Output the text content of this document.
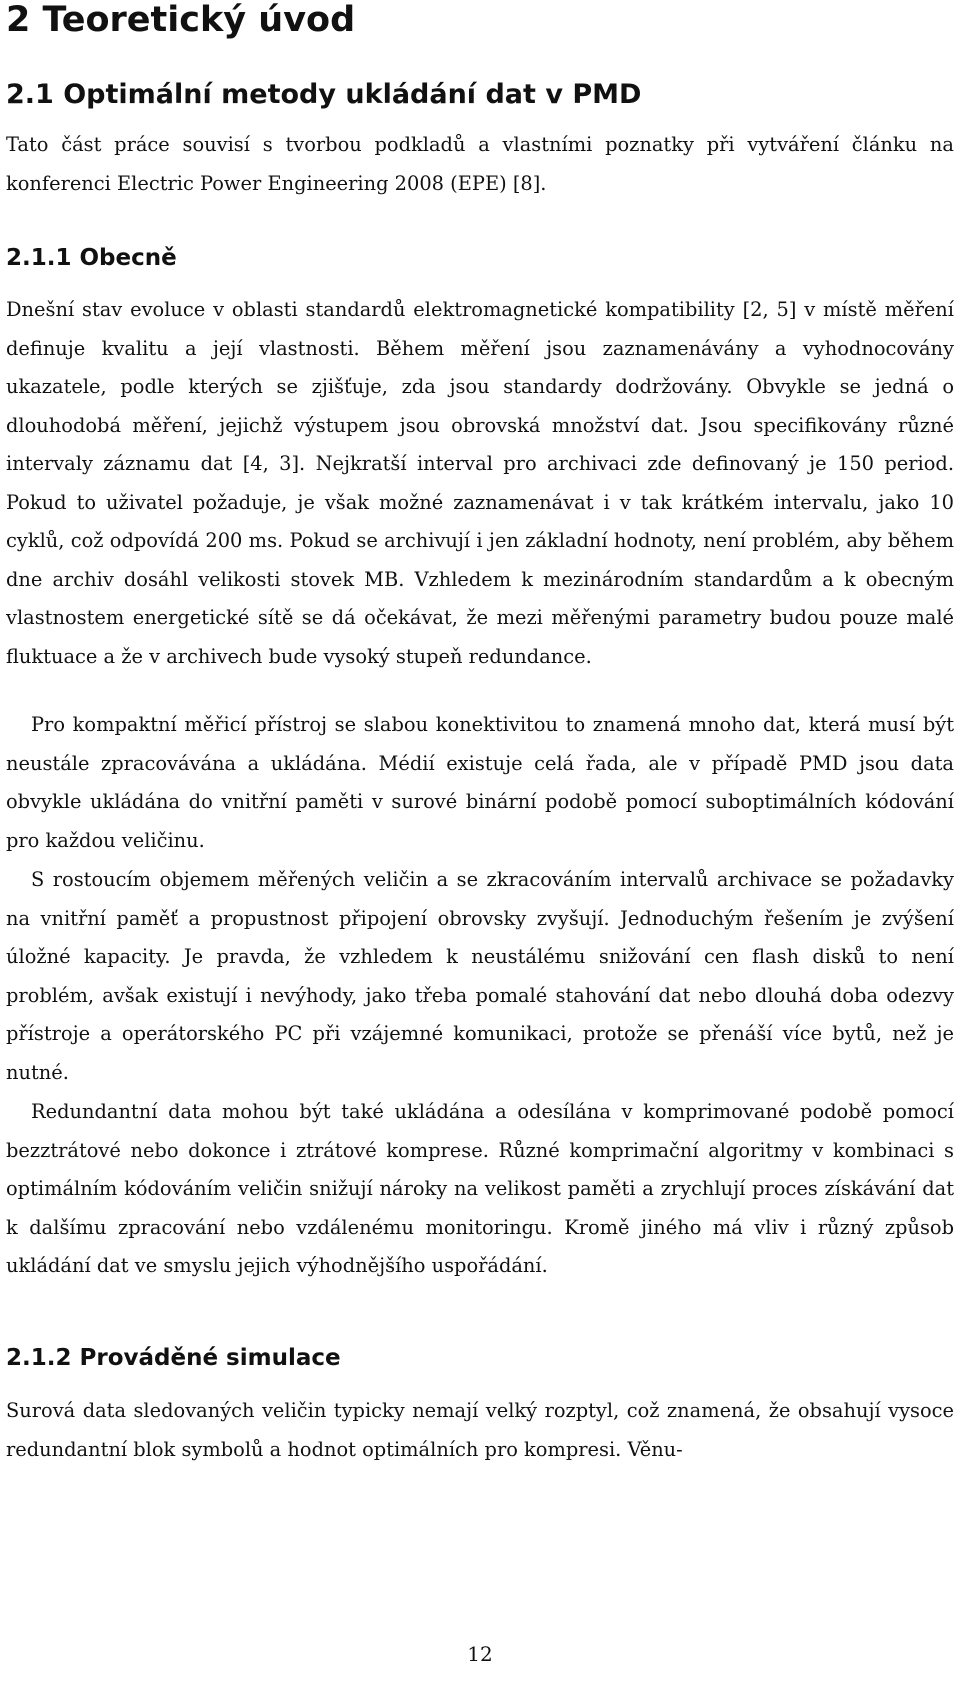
2 Teoretický úvod
2.1 Optimální metody ukládání dat v PMD

Tato část práce souvisí s tvorbou podkladů a vlastními poznatky při vytváření článku na konferenci Electric Power Engineering 2008 (EPE) [8].

2.1.1 Obecně

Dnešní stav evoluce v oblasti standardů elektromagnetické kompatibility [2, 5] v místě měření definuje kvalitu a její vlastnosti. Během měření jsou zaznamenávány a vyhodnocovány ukazatele, podle kterých se zjišťuje, zda jsou standardy dodržovány. Obvykle se jedná o dlouhodobá měření, jejichž výstupem jsou obrovská množství dat. Jsou specifikovány různé intervaly záznamu dat [4, 3]. Nejkratší interval pro archivaci zde definovaný je 150 period. Pokud to uživatel požaduje, je však možné zaznamenávat i v tak krátkém intervalu, jako 10 cyklů, což odpovídá 200 ms. Pokud se archivují i jen základní hodnoty, není problém, aby během dne archiv dosáhl velikosti stovek MB. Vzhledem k mezinárodním standardům a k obecným vlastnostem energetické sítě se dá očekávat, že mezi měřenými parametry budou pouze malé fluktuace a že v archivech bude vysoký stupeň redundance.

Pro kompaktní měřicí přístroj se slabou konektivitou to znamená mnoho dat, která musí být neustále zpracovávána a ukládána. Médií existuje celá řada, ale v případě PMD jsou data obvykle ukládána do vnitřní paměti v surové binární podobě pomocí suboptimálních kódování pro každou veličinu.

S rostoucím objemem měřených veličin a se zkracováním intervalů archivace se požadavky na vnitřní paměť a propustnost připojení obrovsky zvyšují. Jednoduchým řešením je zvýšení úložné kapacity. Je pravda, že vzhledem k neustálému snižování cen flash disků to není problém, avšak existují i nevýhody, jako třeba pomalé stahování dat nebo dlouhá doba odezvy přístroje a operátorského PC při vzájemné komunikaci, protože se přenáší více bytů, než je nutné.

Redundantní data mohou být také ukládána a odesílána v komprimované podobě pomocí bezztrátové nebo dokonce i ztrátové komprese. Různé komprimační algoritmy v kombinaci s optimálním kódováním veličin snižují nároky na velikost paměti a zrychlují proces získávání dat k dalšímu zpracování nebo vzdálenému monitoringu. Kromě jiného má vliv i různý způsob ukládání dat ve smyslu jejich výhodnějšího uspořádání.

2.1.2 Prováděné simulace

Surová data sledovaných veličin typicky nemají velký rozptyl, což znamená, že obsahují vysoce redundantní blok symbolů a hodnot optimálních pro kompresi. Věnu-

12
